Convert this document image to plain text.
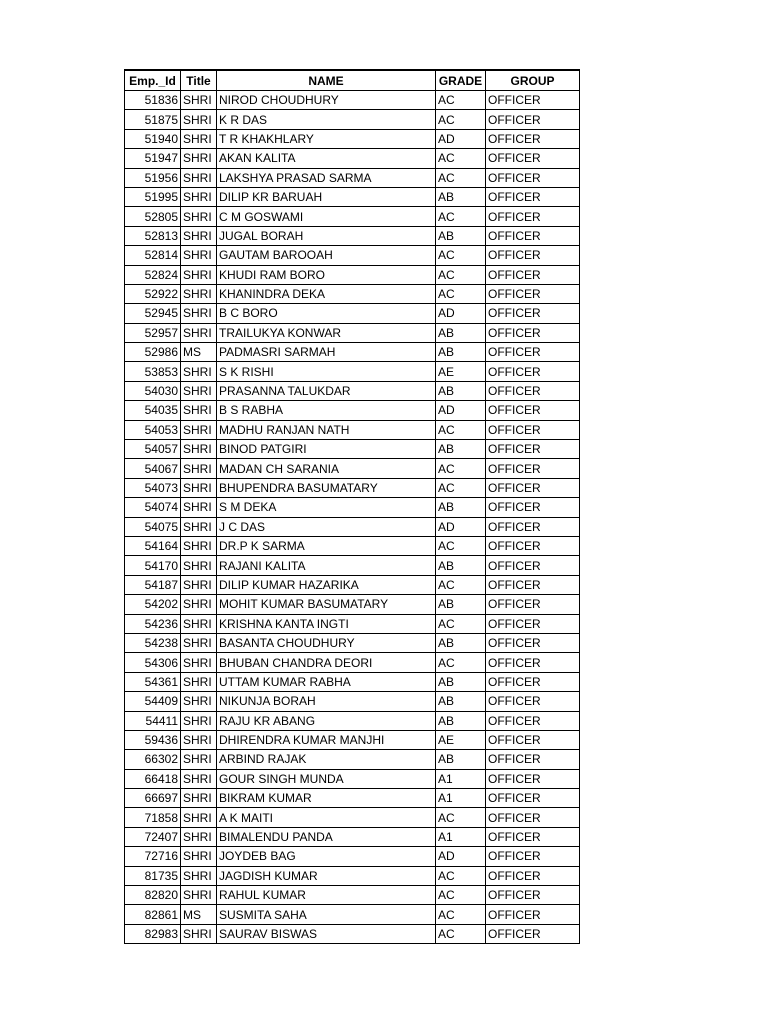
Emp._Id	Title	NAME	GRADE	GROUP
51836	SHRI	NIROD CHOUDHURY	AC	OFFICER
51875	SHRI	K R DAS	AC	OFFICER
51940	SHRI	T R KHAKHLARY	AD	OFFICER
51947	SHRI	AKAN KALITA	AC	OFFICER
51956	SHRI	LAKSHYA PRASAD SARMA	AC	OFFICER
51995	SHRI	DILIP KR BARUAH	AB	OFFICER
52805	SHRI	C M GOSWAMI	AC	OFFICER
52813	SHRI	JUGAL BORAH	AB	OFFICER
52814	SHRI	GAUTAM BAROOAH	AC	OFFICER
52824	SHRI	KHUDI RAM BORO	AC	OFFICER
52922	SHRI	KHANINDRA DEKA	AC	OFFICER
52945	SHRI	B C BORO	AD	OFFICER
52957	SHRI	TRAILUKYA KONWAR	AB	OFFICER
52986	MS	PADMASRI SARMAH	AB	OFFICER
53853	SHRI	S K RISHI	AE	OFFICER
54030	SHRI	PRASANNA TALUKDAR	AB	OFFICER
54035	SHRI	B S RABHA	AD	OFFICER
54053	SHRI	MADHU RANJAN NATH	AC	OFFICER
54057	SHRI	BINOD PATGIRI	AB	OFFICER
54067	SHRI	MADAN CH SARANIA	AC	OFFICER
54073	SHRI	BHUPENDRA BASUMATARY	AC	OFFICER
54074	SHRI	S M DEKA	AB	OFFICER
54075	SHRI	J C DAS	AD	OFFICER
54164	SHRI	DR.P K SARMA	AC	OFFICER
54170	SHRI	RAJANI KALITA	AB	OFFICER
54187	SHRI	DILIP KUMAR HAZARIKA	AC	OFFICER
54202	SHRI	MOHIT KUMAR BASUMATARY	AB	OFFICER
54236	SHRI	KRISHNA KANTA INGTI	AC	OFFICER
54238	SHRI	BASANTA CHOUDHURY	AB	OFFICER
54306	SHRI	BHUBAN CHANDRA DEORI	AC	OFFICER
54361	SHRI	UTTAM KUMAR RABHA	AB	OFFICER
54409	SHRI	NIKUNJA BORAH	AB	OFFICER
54411	SHRI	RAJU KR ABANG	AB	OFFICER
59436	SHRI	DHIRENDRA KUMAR MANJHI	AE	OFFICER
66302	SHRI	ARBIND RAJAK	AB	OFFICER
66418	SHRI	GOUR SINGH MUNDA	A1	OFFICER
66697	SHRI	BIKRAM KUMAR	A1	OFFICER
71858	SHRI	A K MAITI	AC	OFFICER
72407	SHRI	BIMALENDU PANDA	A1	OFFICER
72716	SHRI	JOYDEB BAG	AD	OFFICER
81735	SHRI	JAGDISH KUMAR	AC	OFFICER
82820	SHRI	RAHUL KUMAR	AC	OFFICER
82861	MS	SUSMITA SAHA	AC	OFFICER
82983	SHRI	SAURAV BISWAS	AC	OFFICER
